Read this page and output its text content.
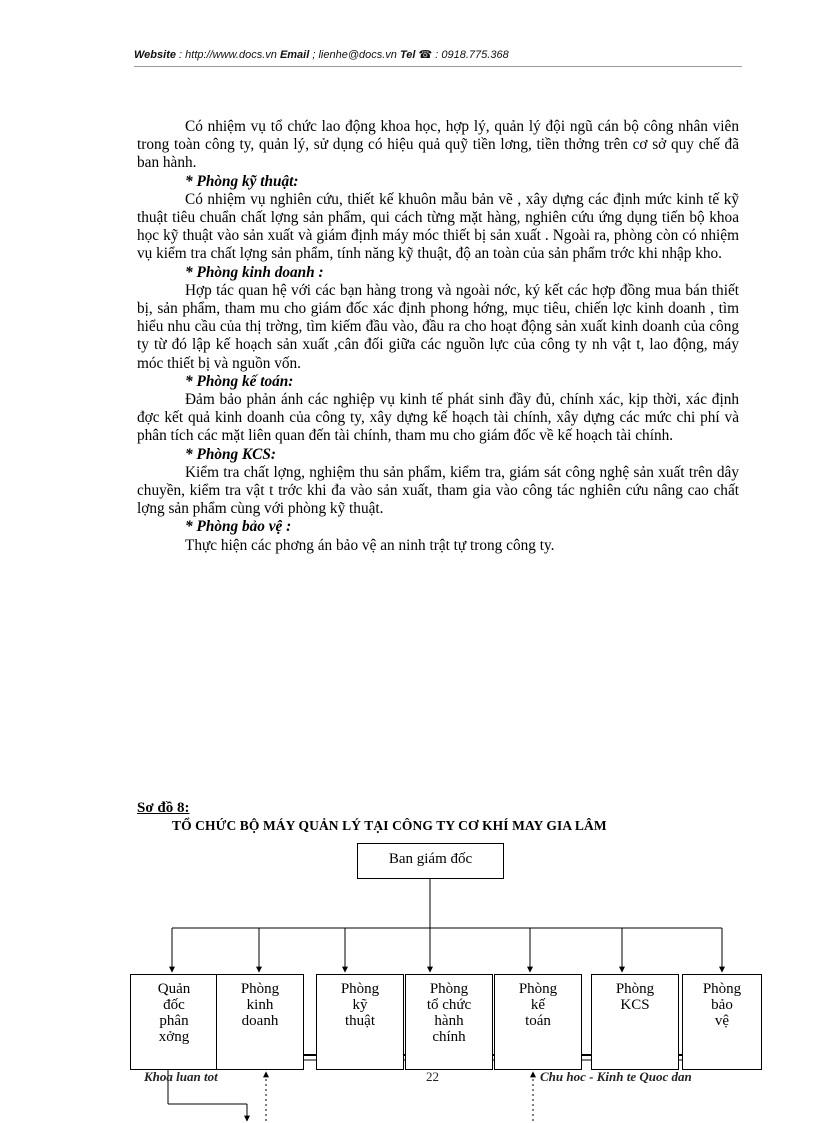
Website : http://www.docs.vn Email ; lienhe@docs.vn Tel ☎ : 0918.775.368

Có nhiệm vụ tổ chức lao động khoa học, hợp lý, quản lý đội ngũ cán bộ công nhân viên trong toàn công ty, quản lý, sử dụng có hiệu quả quỹ tiền lơng, tiền thởng trên cơ sở quy chế đã ban hành.

* Phòng kỹ thuật:

Có nhiệm vụ nghiên cứu, thiết kế khuôn mẫu bản vẽ , xây dựng các định mức kinh tế kỹ thuật tiêu chuẩn chất lợng sản phẩm, qui cách từng mặt hàng, nghiên cứu ứng dụng tiến bộ khoa học kỹ thuật vào sản xuất và giám định máy móc thiết bị sản xuất . Ngoài ra, phòng còn có nhiệm vụ kiểm tra chất lợng sản phẩm, tính năng kỹ thuật, độ an toàn của sản phẩm trớc khi nhập kho.

* Phòng kinh doanh :

Hợp tác quan hệ với các bạn hàng trong và ngoài nớc, ký kết các hợp đồng mua bán thiết bị, sản phẩm, tham mu cho giám đốc xác định phong hớng, mục tiêu, chiến lợc kinh doanh , tìm hiểu nhu cầu của thị trờng, tìm kiếm đầu vào, đầu ra cho hoạt động sản xuất kinh doanh của công ty từ đó lập kế hoạch sản xuất ,cân đối giữa các nguồn lực của công ty nh vật t, lao động, máy móc thiết bị và nguồn vốn.

* Phòng kế toán:

Đảm bảo phản ánh các nghiệp vụ kinh tế phát sinh đầy đủ, chính xác, kịp thời, xác định đợc kết quả kinh doanh của công ty, xây dựng kế hoạch tài chính, xây dựng các mức chi phí và phân tích các mặt liên quan đến tài chính, tham mu cho giám đốc về kế hoạch tài chính.

* Phòng KCS:

Kiểm tra chất lợng, nghiệm thu sản phẩm, kiểm tra, giám sát công nghệ sản xuất trên dây chuyền, kiểm tra vật t trớc khi đa vào sản xuất, tham gia vào công tác nghiên cứu nâng cao chất lợng sản phẩm cùng với phòng kỹ thuật.

* Phòng bảo vệ :

Thực hiện các phơng án bảo vệ an ninh trật tự trong công ty.

Sơ đồ 8:
TỔ CHỨC BỘ MÁY QUẢN LÝ TẠI CÔNG TY CƠ KHÍ MAY GIA LÂM
Ban giám đốc
Quản
đốc
phân
xởng
Phòng
kinh
doanh
Phòng
kỹ
thuật
Phòng
tổ chức
hành
chính
Phòng
kế
toán
Phòng
KCS
Phòng
bảo
vệ
Khoa luan tot	22	Chu hoc - Kinh te Quoc dan
